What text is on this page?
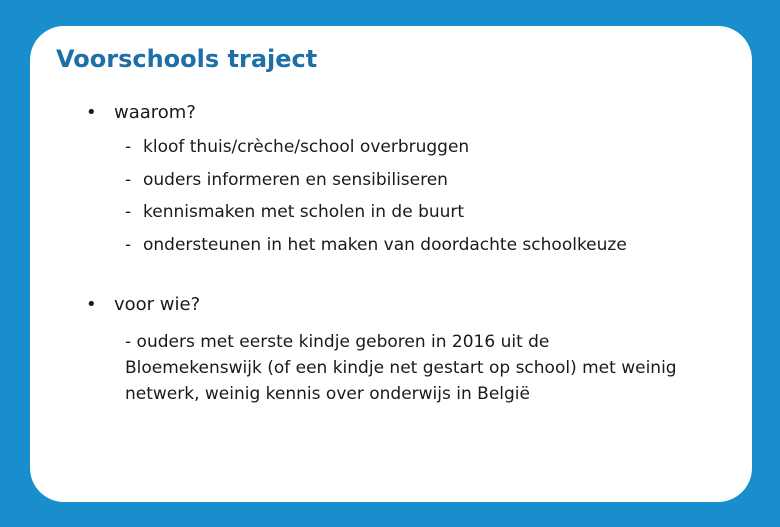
Voorschools traject
• waarom?
- kloof thuis/crèche/school overbruggen
- ouders informeren en sensibiliseren
- kennismaken met scholen in de buurt
- ondersteunen in het maken van doordachte schoolkeuze
• voor wie?

- ouders met eerste kindje geboren in 2016 uit de Bloemekenswijk (of een kindje net gestart op school) met weinig netwerk, weinig kennis over onderwijs in België
